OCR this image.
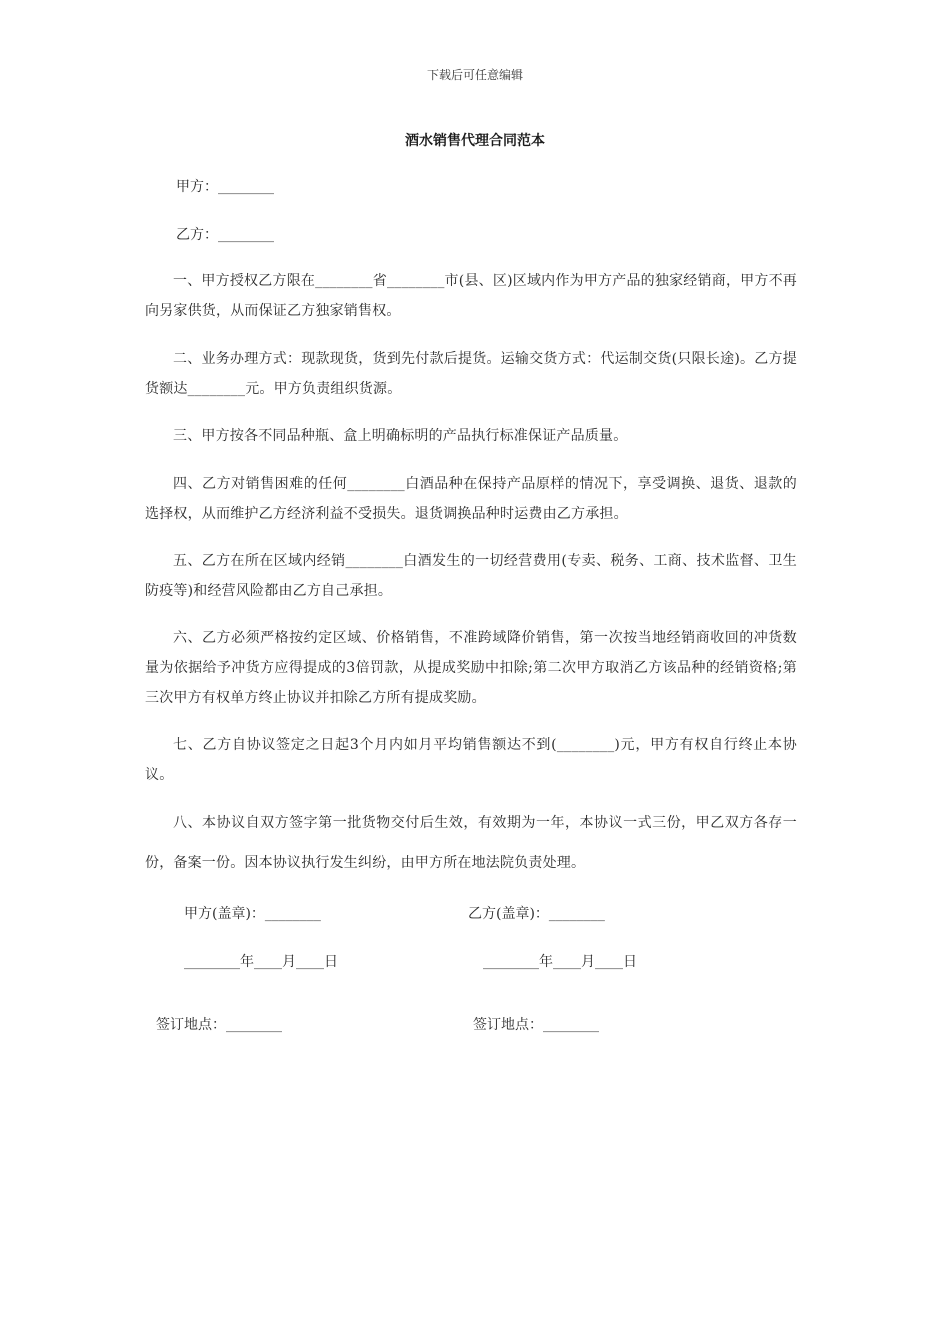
下载后可任意编辑
酒水销售代理合同范本
甲方：________
乙方：________
一、甲方授权乙方限在________省________市(县、区)区域内作为甲方产品的独家经销商，甲方不再向另家供货，从而保证乙方独家销售权。
二、业务办理方式：现款现货，货到先付款后提货。运输交货方式：代运制交货(只限长途)。乙方提货额达________元。甲方负责组织货源。
三、甲方按各不同品种瓶、盒上明确标明的产品执行标准保证产品质量。
四、乙方对销售困难的任何________白酒品种在保持产品原样的情况下，享受调换、退货、退款的选择权，从而维护乙方经济利益不受损失。退货调换品种时运费由乙方承担。
五、乙方在所在区域内经销________白酒发生的一切经营费用(专卖、税务、工商、技术监督、卫生防疫等)和经营风险都由乙方自己承担。
六、乙方必须严格按约定区域、价格销售，不准跨域降价销售，第一次按当地经销商收回的冲货数量为依据给予冲货方应得提成的3倍罚款，从提成奖励中扣除;第二次甲方取消乙方该品种的经销资格;第三次甲方有权单方终止协议并扣除乙方所有提成奖励。
七、乙方自协议签定之日起3个月内如月平均销售额达不到(________)元，甲方有权自行终止本协议。
八、本协议自双方签字第一批货物交付后生效，有效期为一年，本协议一式三份，甲乙双方各存一份，备案一份。因本协议执行发生纠纷，由甲方所在地法院负责处理。
甲方(盖章)：________	乙方(盖章)：________
________年____月____日	________年____月____日
签订地点：________	签订地点：________
